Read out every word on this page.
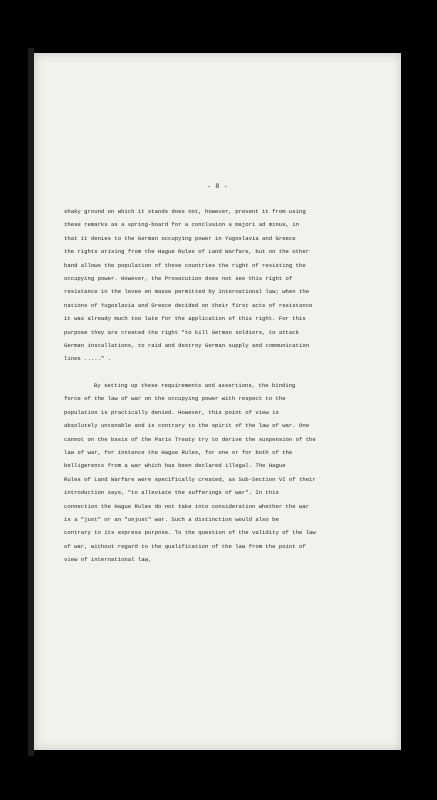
- 8 -
shaky ground on which it stands does not, however, prevent it from using
these remarks as a spring-board for a conclusion a majori ad minus, in
that it denies to the German occupying power in Yugoslavia and Greece
the rights arising from the Hague Rules of Land Warfare, but on the other
hand allows the population of these countries the right of resisting the
occupying power. However, the Prosecution does not see this right of
resistance in the levee en masse permitted by international law; when the
nations of Yugoslavia and Greece decided on their first acts of resistance
it was already much too late for the application of this right. For this
purpose they are created the right "to kill German soldiers, to attack
German installations, to raid and destroy German supply and communication
lines ....." .
By setting up these requirements and assertions, the binding
force of the law of war on the occupying power with respect to the
population is practically denied. However, this point of view is
absolutely untenable and is contrary to the spirit of the law of war. One
cannot on the basis of the Paris Treaty try to derive the suspension of the
law of war, for instance the Hague Rules, for one or for both of the
belligerents from a war which has been declared illegal. The Hague
Rules of Land Warfare were specifically created, as Sub-Section VI of their
introduction says, "to alleviate the sufferings of war". In this
connection the Hague Rules do not take into consideration whether the war
is a "just" or an "unjust" war. Such a distinction would also be
contrary to its express purpose. To the question of the validity of the law
of war, without regard to the qualification of the law from the point of
view of international law,
